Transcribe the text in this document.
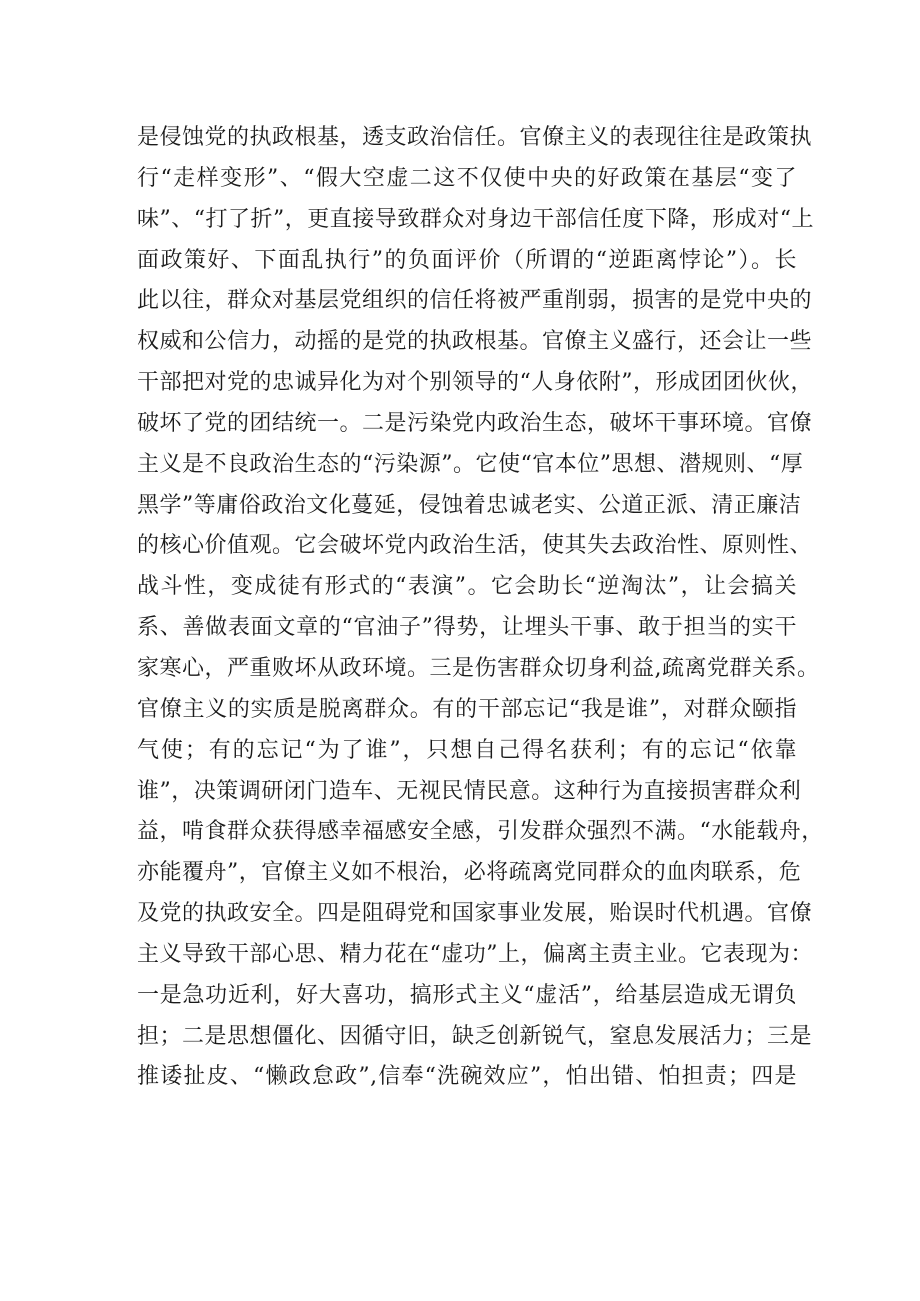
是侵蚀党的执政根基，透支政治信任。官僚主义的表现往往是政策执
行“走样变形”、“假大空虚二这不仅使中央的好政策在基层“变了
味”、“打了折”，更直接导致群众对身边干部信任度下降，形成对“上
面政策好、下面乱执行”的负面评价（所谓的“逆距离悖论”）。长
此以往，群众对基层党组织的信任将被严重削弱，损害的是党中央的
权威和公信力，动摇的是党的执政根基。官僚主义盛行，还会让一些
干部把对党的忠诚异化为对个别领导的“人身依附”，形成团团伙伙，
破坏了党的团结统一。二是污染党内政治生态，破坏干事环境。官僚
主义是不良政治生态的“污染源”。它使“官本位”思想、潜规则、“厚
黑学”等庸俗政治文化蔓延，侵蚀着忠诚老实、公道正派、清正廉洁
的核心价值观。它会破坏党内政治生活，使其失去政治性、原则性、
战斗性，变成徒有形式的“表演”。它会助长“逆淘汰”，让会搞关
系、善做表面文章的“官油子”得势，让埋头干事、敢于担当的实干
家寒心，严重败坏从政环境。三是伤害群众切身利益,疏离党群关系。
官僚主义的实质是脱离群众。有的干部忘记“我是谁”，对群众颐指
气使；有的忘记“为了谁”，只想自己得名获利；有的忘记“依靠
谁”，决策调研闭门造车、无视民情民意。这种行为直接损害群众利
益，啃食群众获得感幸福感安全感，引发群众强烈不满。“水能载舟，
亦能覆舟”，官僚主义如不根治，必将疏离党同群众的血肉联系，危
及党的执政安全。四是阻碍党和国家事业发展，贻误时代机遇。官僚
主义导致干部心思、精力花在“虚功”上，偏离主责主业。它表现为：
一是急功近利，好大喜功，搞形式主义“虚活”，给基层造成无谓负
担；二是思想僵化、因循守旧，缺乏创新锐气，窒息发展活力；三是
推诿扯皮、“懒政怠政”,信奉“洗碗效应”，怕出错、怕担责；四是
